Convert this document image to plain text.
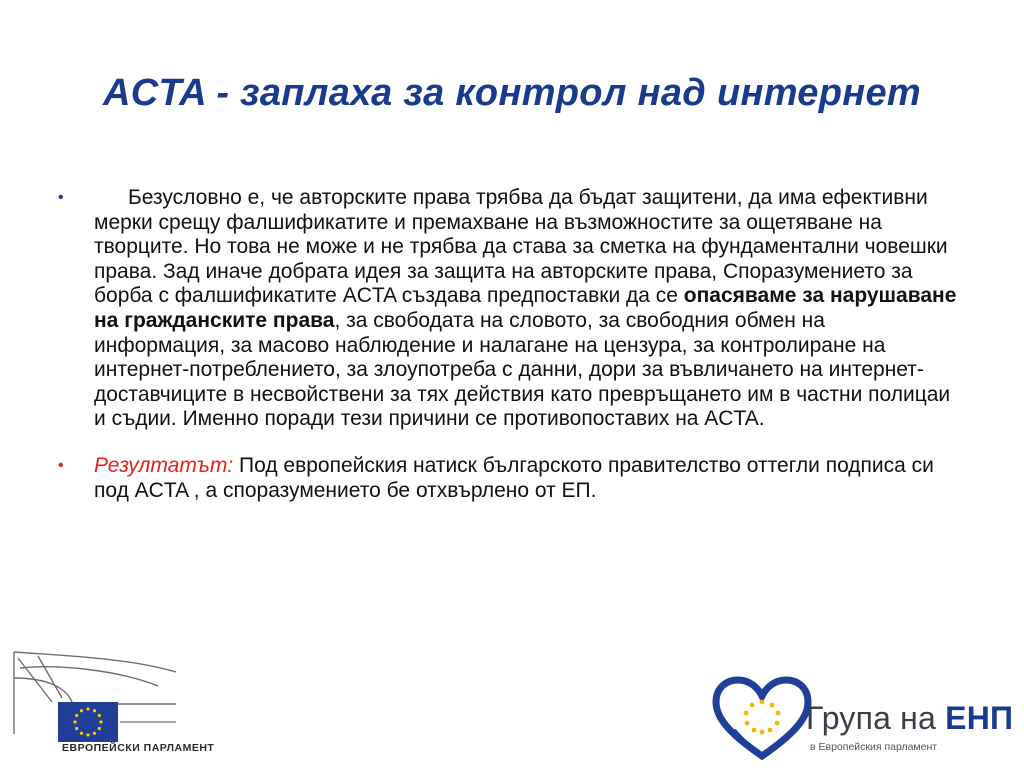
ACTA - заплаха за контрол над интернет
•	Безусловно е, че авторските права трябва да бъдат защитени, да има ефективни мерки срещу фалшификатите и премахване на възможностите за ощетяване на творците. Но това не може и не трябва да става за сметка на фундаментални човешки права. Зад иначе добрата идея за защита на авторските права, Споразумението за борба с фалшификатите ACTA създава предпоставки да се опасяваме за нарушаване на гражданските права, за свободата на словото, за свободния обмен на информация, за масово наблюдение и налагане на цензура, за контролиране на интернет-потреблението, за злоупотреба с данни, дори за въвличането на интернет-доставчиците в несвойствени за тях действия като превръщането им в частни полицаи и съдии. Именно поради тези причини се противопоставих на ACTA.
•	Резултатът: Под европейския натиск българското правителство оттегли подписа си под ACTA , а споразумението бе отхвърлено от ЕП.
ЕВРОПЕЙСКИ ПАРЛАМЕНТ
Група на ЕНП
в Европейския парламент
